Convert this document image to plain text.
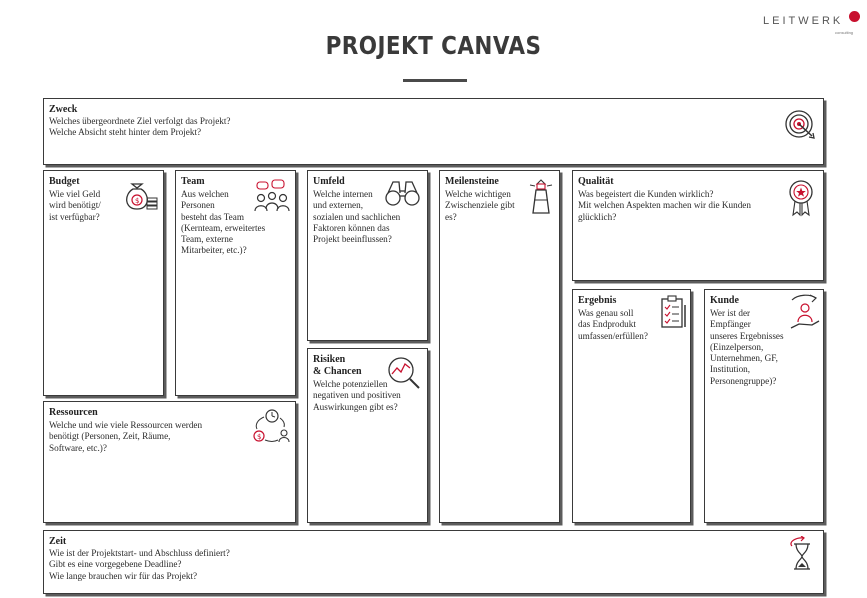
LEITWERK
consulting
PROJEKT CANVAS
Zweck
Welches übergeordnete Ziel verfolgt das Projekt?
Welche Absicht steht hinter dem Projekt?
Budget
Wie viel Geld
wird benötigt/
ist verfügbar?
$
Team
Aus welchen
Personen
besteht das Team
(Kernteam, erweitertes
Team, externe
Mitarbeiter, etc.)?
Umfeld
Welche internen
und externen,
sozialen und sachlichen
Faktoren können das
Projekt beeinflussen?
Risiken
& Chancen
Welche potenziellen
negativen und positiven
Auswirkungen gibt es?
Meilensteine
Welche wichtigen
Zwischenziele gibt
es?
Qualität
Was begeistert die Kunden wirklich?
Mit welchen Aspekten machen wir die Kunden
glücklich?
Ergebnis
Was genau soll
das Endprodukt
umfassen/erfüllen?
Kunde
Wer ist der
Empfänger
unseres Ergebnisses
(Einzelperson,
Unternehmen, GF,
Institution,
Personengruppe)?
Ressourcen
Welche und wie viele Ressourcen werden
benötigt (Personen, Zeit, Räume,
Software, etc.)?
$
Zeit
Wie ist der Projektstart- und Abschluss definiert?
Gibt es eine vorgegebene Deadline?
Wie lange brauchen wir für das Projekt?
